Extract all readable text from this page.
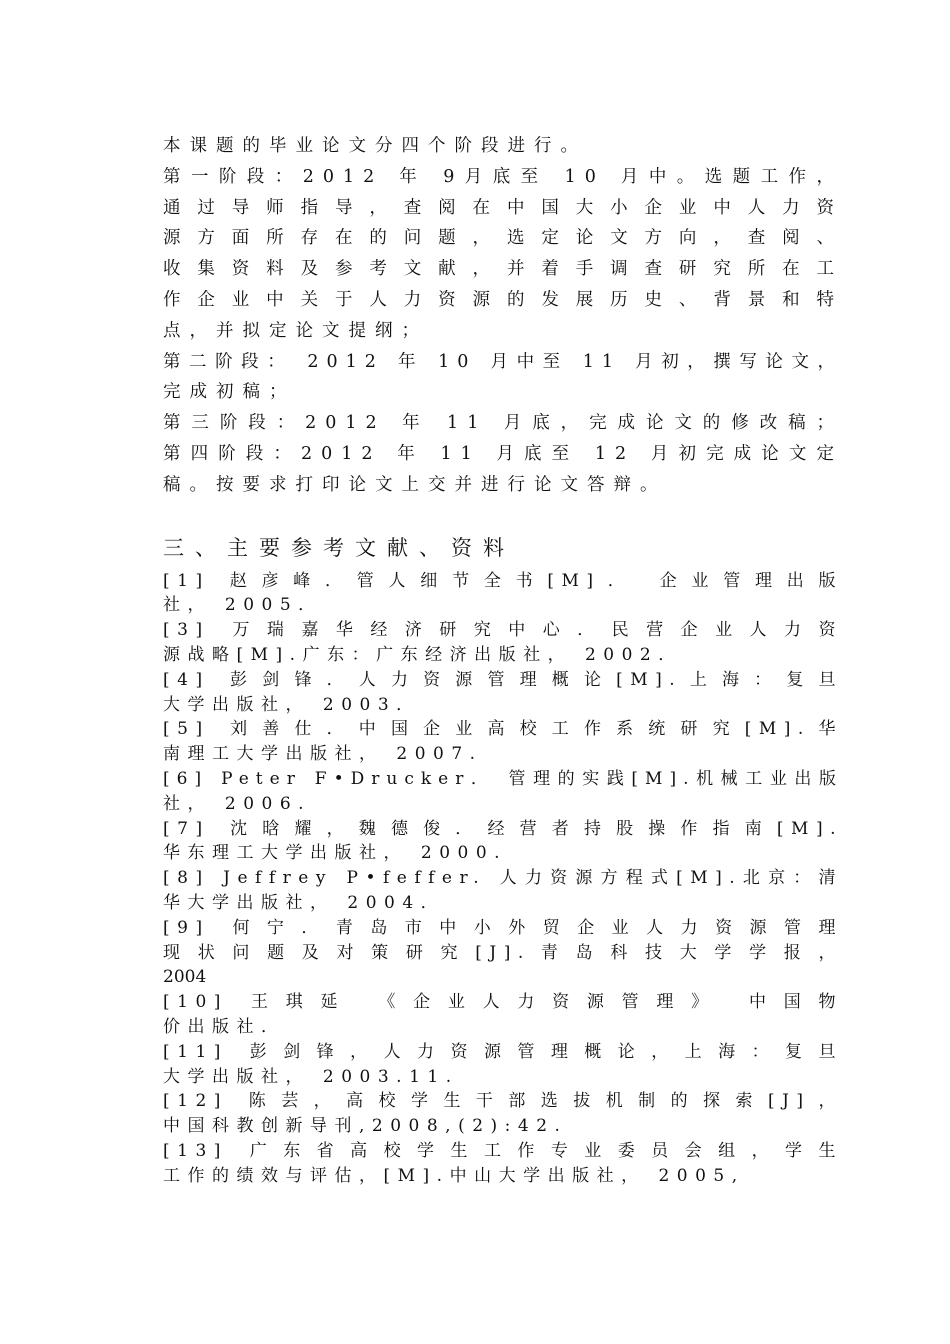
本课题的毕业论文分四个阶段进行。
第一阶段：2012 年 9月底至 10 月中。选题工作，
通过导师指导，查阅在中国大小企业中人力资
源方面所存在的问题，选定论文方向，查阅、
收集资料及参考文献，并着手调查研究所在工
作企业中关于人力资源的发展历史、背景和特
点，并拟定论文提纲；
第二阶段： 2012 年 10 月中至 11 月初，撰写论文，
完成初稿；
第三阶段：2012 年 11 月底，完成论文的修改稿；
第四阶段：2012 年 11 月底至 12 月初完成论文定
稿。按要求打印论文上交并进行论文答辩。
三、主要参考文献、资料
[1] 赵彦峰．管人细节全书[M]． 企业管理出版
社， 2005．
[3] 万瑞嘉华经济研究中心．民营企业人力资
源战略[M].广东：广东经济出版社， 2002．
[4] 彭剑锋．人力资源管理概论[M].上海：复旦
大学出版社， 2003．
[5] 刘善仕．中国企业高校工作系统研究[M].华
南理工大学出版社， 2007.
[6] Peter F•Drucker． 管理的实践[M].机械工业出版
社， 2006.
[7] 沈晗耀，魏德俊．经营者持股操作指南[M].
华东理工大学出版社， 2000.
[8] Jeffrey P•feffer. 人力资源方程式[M].北京：清
华大学出版社， 2004．
[9] 何宁．青岛市中小外贸企业人力资源管理
现状问题及对策研究[J].青岛科技大学学报，
2004
[10] 王琪延 《企业人力资源管理》 中国物
价出版社．
[11] 彭剑锋，人力资源管理概论，上海：复旦
大学出版社， 2003.11.
[12] 陈芸，高校学生干部选拔机制的探索[J]，
中国科教创新导刊,2008,(2):42.
[13] 广东省高校学生工作专业委员会组，学生
工作的绩效与评估，[M].中山大学出版社， 2005,
